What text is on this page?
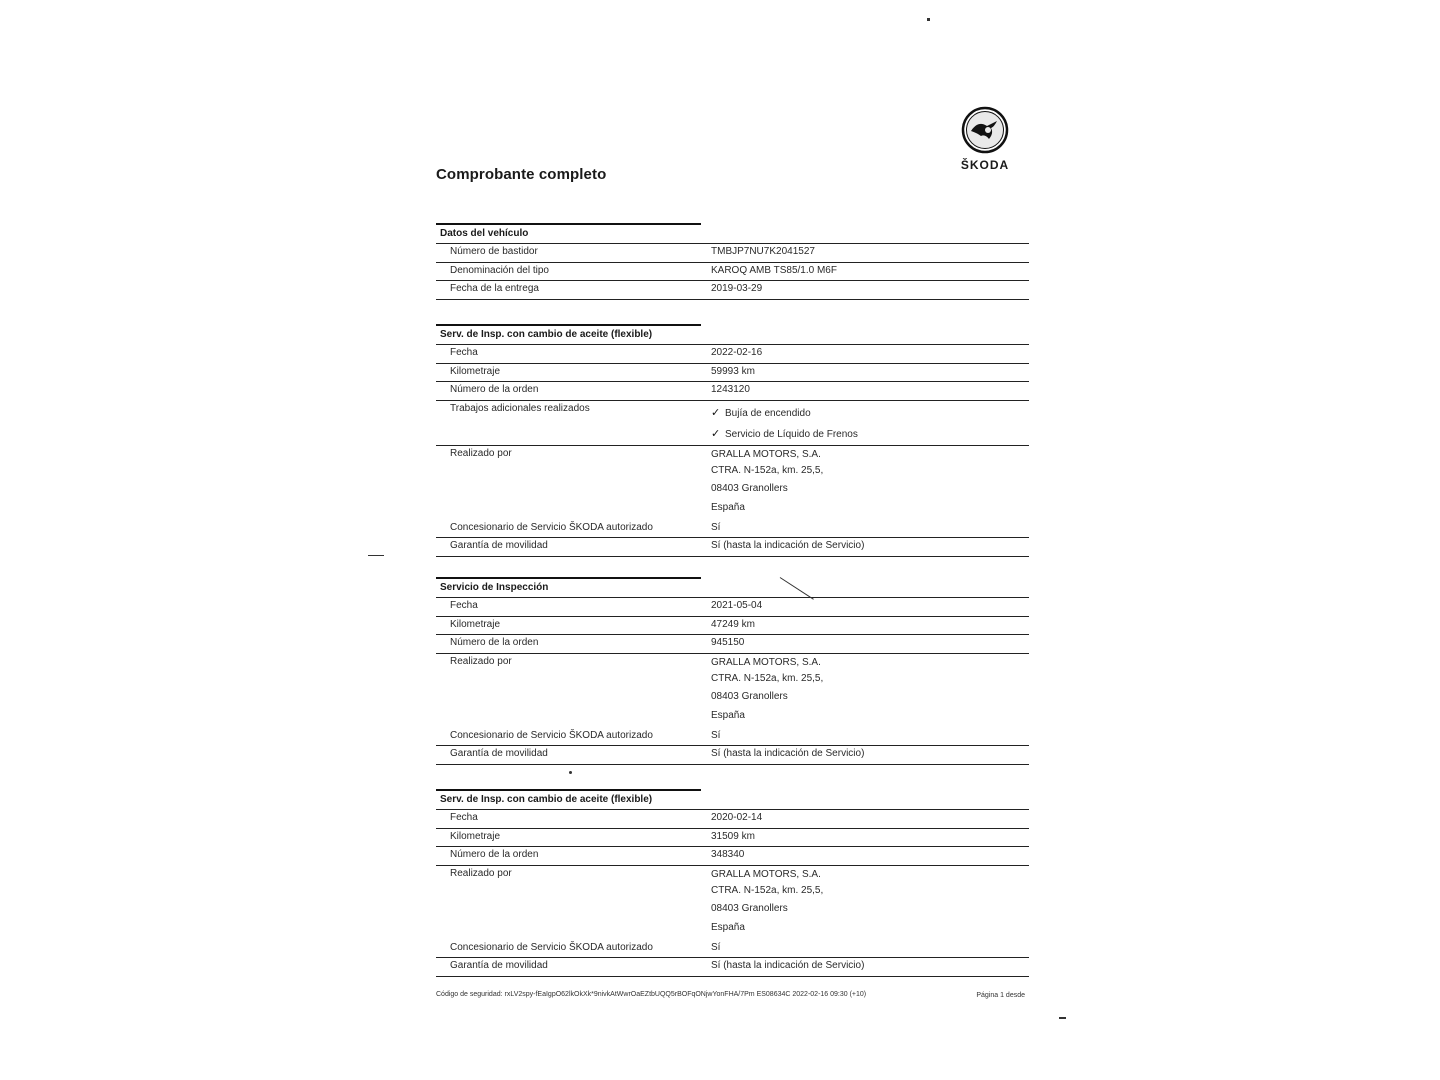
Comprobante completo
ŠKODA
Datos del vehículo
Número de bastidor	TMBJP7NU7K2041527
Denominación del tipo	KAROQ AMB TS85/1.0 M6F
Fecha de la entrega	2019-03-29
Serv. de Insp. con cambio de aceite (flexible)
Fecha	2022-02-16
Kilometraje	59993 km
Número de la orden	1243120
Trabajos adicionales realizados	✓ Bujía de encendido
✓ Servicio de Líquido de Frenos
Realizado por	GRALLA MOTORS, S.A.
CTRA. N-152a, km. 25,5,
08403 Granollers
España
Concesionario de Servicio ŠKODA autorizado	Sí
Garantía de movilidad	Sí (hasta la indicación de Servicio)
Servicio de Inspección
Fecha	2021-05-04
Kilometraje	47249 km
Número de la orden	945150
Realizado por	GRALLA MOTORS, S.A.
CTRA. N-152a, km. 25,5,
08403 Granollers
España
Concesionario de Servicio ŠKODA autorizado	Sí
Garantía de movilidad	Sí (hasta la indicación de Servicio)
Serv. de Insp. con cambio de aceite (flexible)
Fecha	2020-02-14
Kilometraje	31509 km
Número de la orden	348340
Realizado por	GRALLA MOTORS, S.A.
CTRA. N-152a, km. 25,5,
08403 Granollers
España
Concesionario de Servicio ŠKODA autorizado	Sí
Garantía de movilidad	Sí (hasta la indicación de Servicio)
Código de seguridad: rxLV2spy-fEaIgpO62lkOkXk*9nivkAtWwrOaEZtbUQQ5rBOFqONjwYonFHA/7Pm ES08634C 2022-02-16 09:30 (+10)	Página 1 desde
